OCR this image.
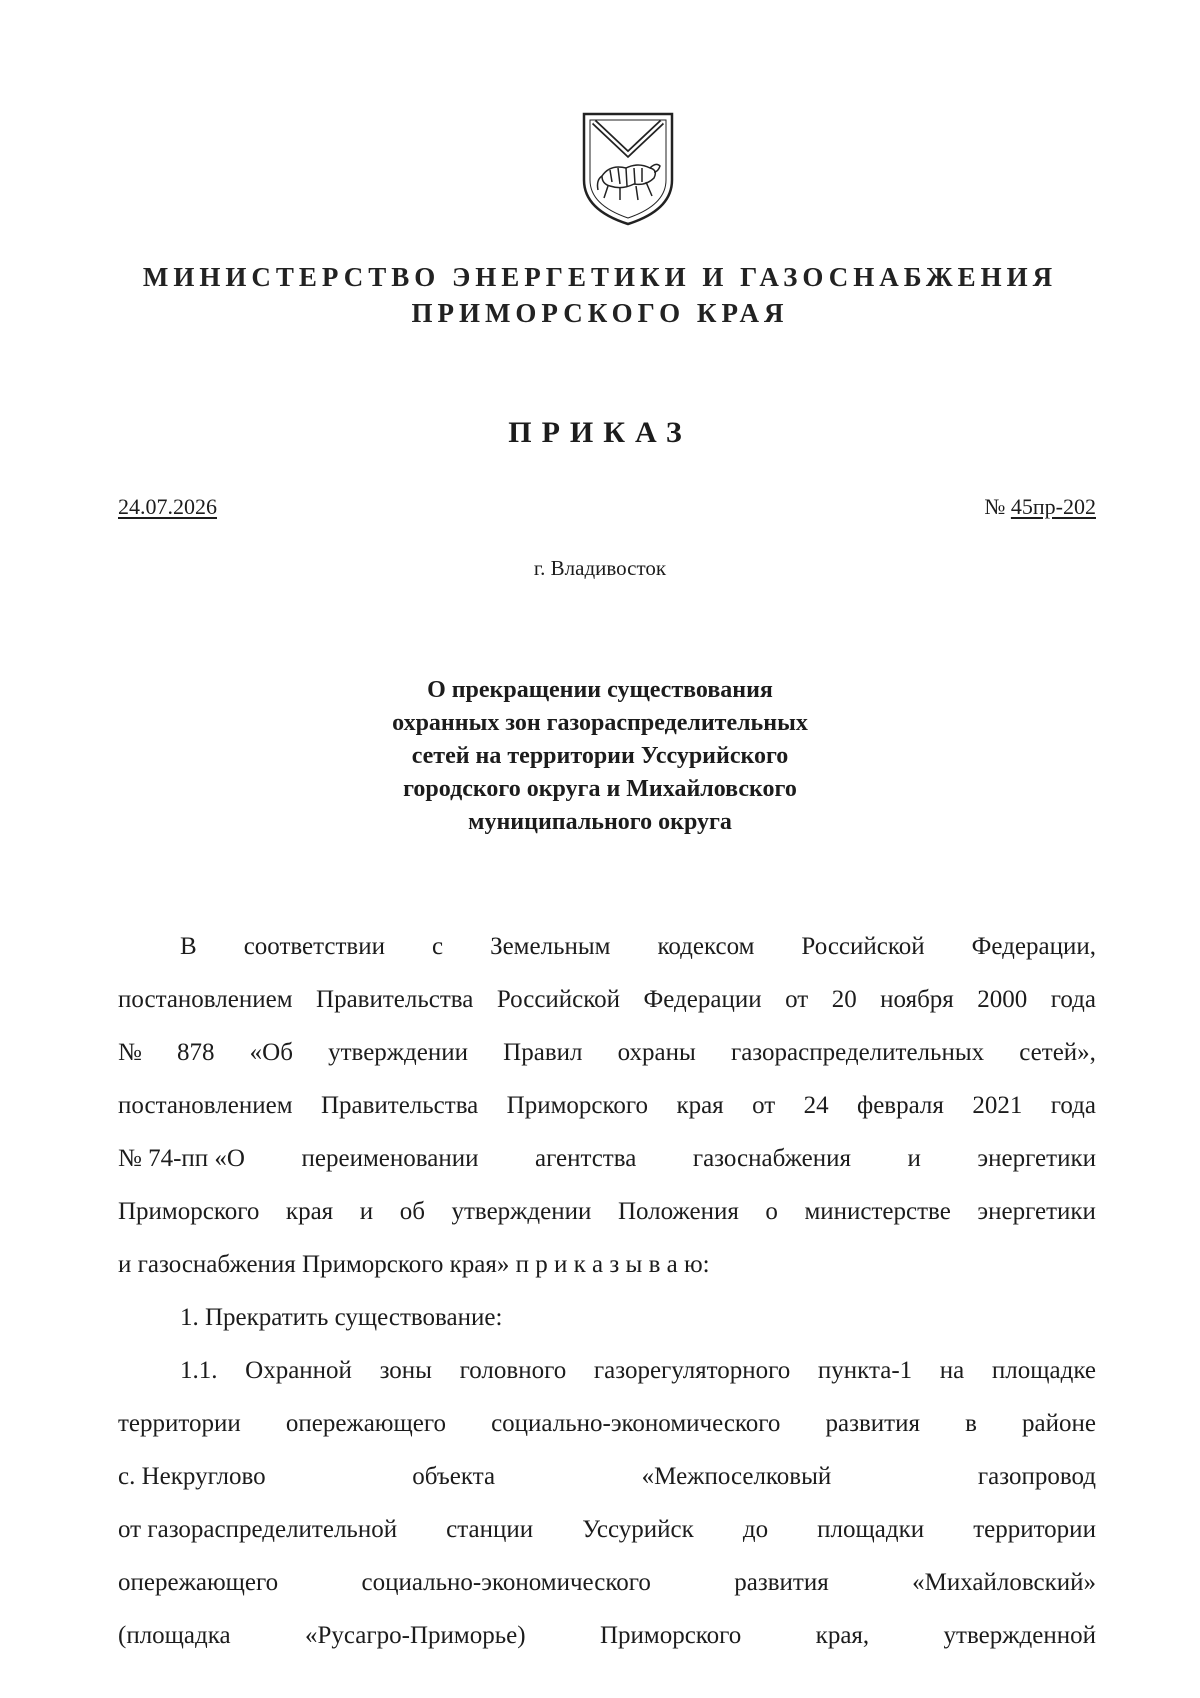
МИНИСТЕРСТВО ЭНЕРГЕТИКИ И ГАЗОСНАБЖЕНИЯ
ПРИМОРСКОГО КРАЯ
ПРИКАЗ
24.07.2026	№ 45пр-202
г. Владивосток
О прекращении существования
охранных зон газораспределительных
сетей на территории Уссурийского
городского округа и Михайловского
муниципального округа
В соответствии с Земельным кодексом Российской Федерации,
постановлением Правительства Российской Федерации от 20 ноября 2000 года
№ 878 «Об утверждении Правил охраны газораспределительных сетей»,
постановлением Правительства Приморского края от 24 февраля 2021 года
№ 74-пп «О переименовании агентства газоснабжения и энергетики
Приморского края и об утверждении Положения о министерстве энергетики
и газоснабжения Приморского края» п р и к а з ы в а ю:
1. Прекратить существование:
1.1. Охранной зоны головного газорегуляторного пункта-1 на площадке
территории опережающего социально-экономического развития в районе
с. Некруглово	объекта	«Межпоселковый	газопровод
от газораспределительной станции Уссурийск до площадки территории
опережающего	социально-экономического	развития	«Михайловский»
(площадка	«Русагро-Приморье)	Приморского	края,	утвержденной
